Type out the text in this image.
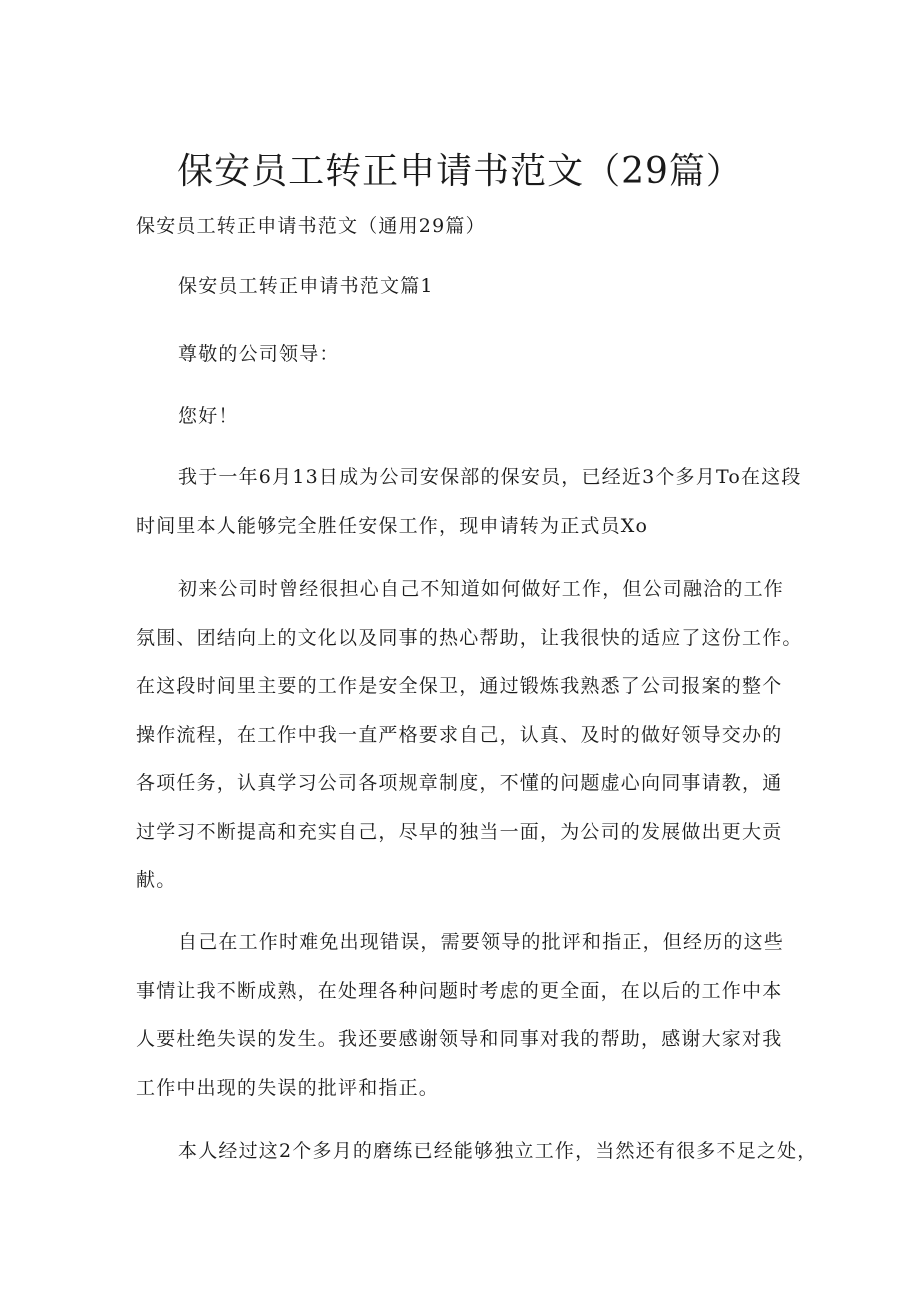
保安员工转正申请书范文（29篇）

保安员工转正申请书范文（通用29篇）

保安员工转正申请书范文篇1

尊敬的公司领导：

您好！

我于一年6月13日成为公司安保部的保安员，已经近3个多月To在这段
时间里本人能够完全胜任安保工作，现申请转为正式员Xo
初来公司时曾经很担心自己不知道如何做好工作，但公司融洽的工作
氛围、团结向上的文化以及同事的热心帮助，让我很快的适应了这份工作。
在这段时间里主要的工作是安全保卫，通过锻炼我熟悉了公司报案的整个
操作流程，在工作中我一直严格要求自己，认真、及时的做好领导交办的
各项任务，认真学习公司各项规章制度，不懂的问题虚心向同事请教，通
过学习不断提高和充实自己，尽早的独当一面，为公司的发展做出更大贡
献。
自己在工作时难免出现错误，需要领导的批评和指正，但经历的这些
事情让我不断成熟，在处理各种问题时考虑的更全面，在以后的工作中本
人要杜绝失误的发生。我还要感谢领导和同事对我的帮助，感谢大家对我
工作中出现的失误的批评和指正。
本人经过这2个多月的磨练已经能够独立工作，当然还有很多不足之处，
